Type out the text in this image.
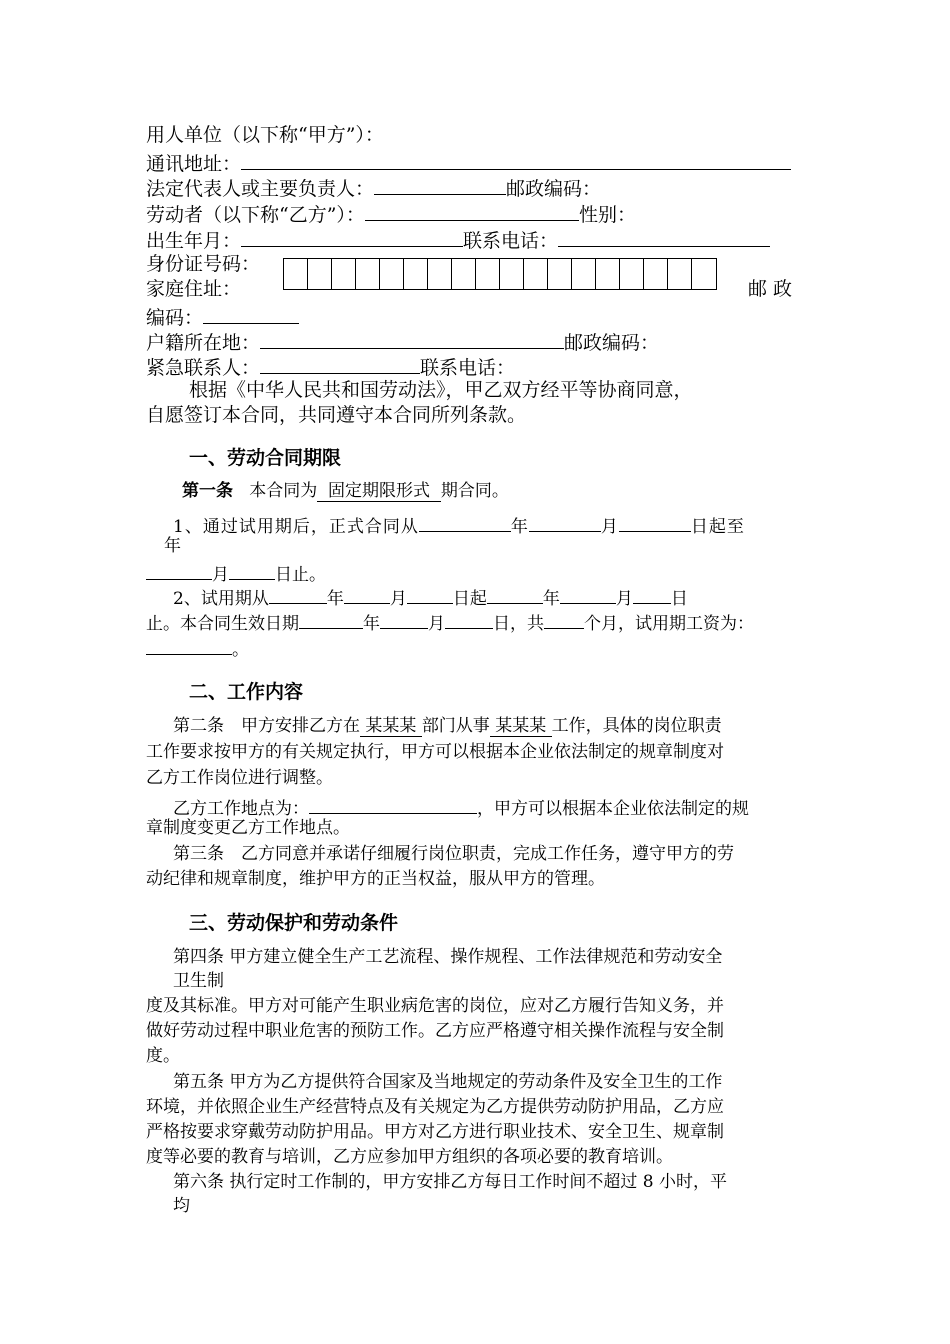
用人单位（以下称“甲方”）：
通讯地址：
法定代表人或主要负责人：	邮政编码：
劳动者（以下称“乙方”）：	性别：
出生年月：	联系电话：
身份证号码：
家庭住址：	邮 政
编码：
户籍所在地：	邮政编码：
紧急联系人：	联系电话：
根据《中华人民共和国劳动法》，甲乙双方经平等协商同意，
自愿签订本合同，共同遵守本合同所列条款。
一、劳动合同期限
第一条 本合同为  固定期限形式  期合同。
1、通过试用期后，正式合同从	年	月	日起至
年
月	日止。
2、试用期从	年	月	日起	年	月 日
止。本合同生效日期	年	月	日，共 个月，试用期工资为：
。
二、工作内容
第二条　甲方安排乙方在 某某某 部门从事 某某某 工作，具体的岗位职责
工作要求按甲方的有关规定执行，甲方可以根据本企业依法制定的规章制度对
乙方工作岗位进行调整。
乙方工作地点为：	，甲方可以根据本企业依法制定的规
章制度变更乙方工作地点。
第三条　乙方同意并承诺仔细履行岗位职责，完成工作任务，遵守甲方的劳
动纪律和规章制度，维护甲方的正当权益，服从甲方的管理。
三、劳动保护和劳动条件
第四条 甲方建立健全生产工艺流程、操作规程、工作法律规范和劳动安全
卫生制
度及其标准。甲方对可能产生职业病危害的岗位，应对乙方履行告知义务，并
做好劳动过程中职业危害的预防工作。乙方应严格遵守相关操作流程与安全制
度。
第五条 甲方为乙方提供符合国家及当地规定的劳动条件及安全卫生的工作
环境，并依照企业生产经营特点及有关规定为乙方提供劳动防护用品，乙方应
严格按要求穿戴劳动防护用品。甲方对乙方进行职业技术、安全卫生、规章制
度等必要的教育与培训，乙方应参加甲方组织的各项必要的教育培训。
第六条 执行定时工作制的，甲方安排乙方每日工作时间不超过 8 小时，平
均
